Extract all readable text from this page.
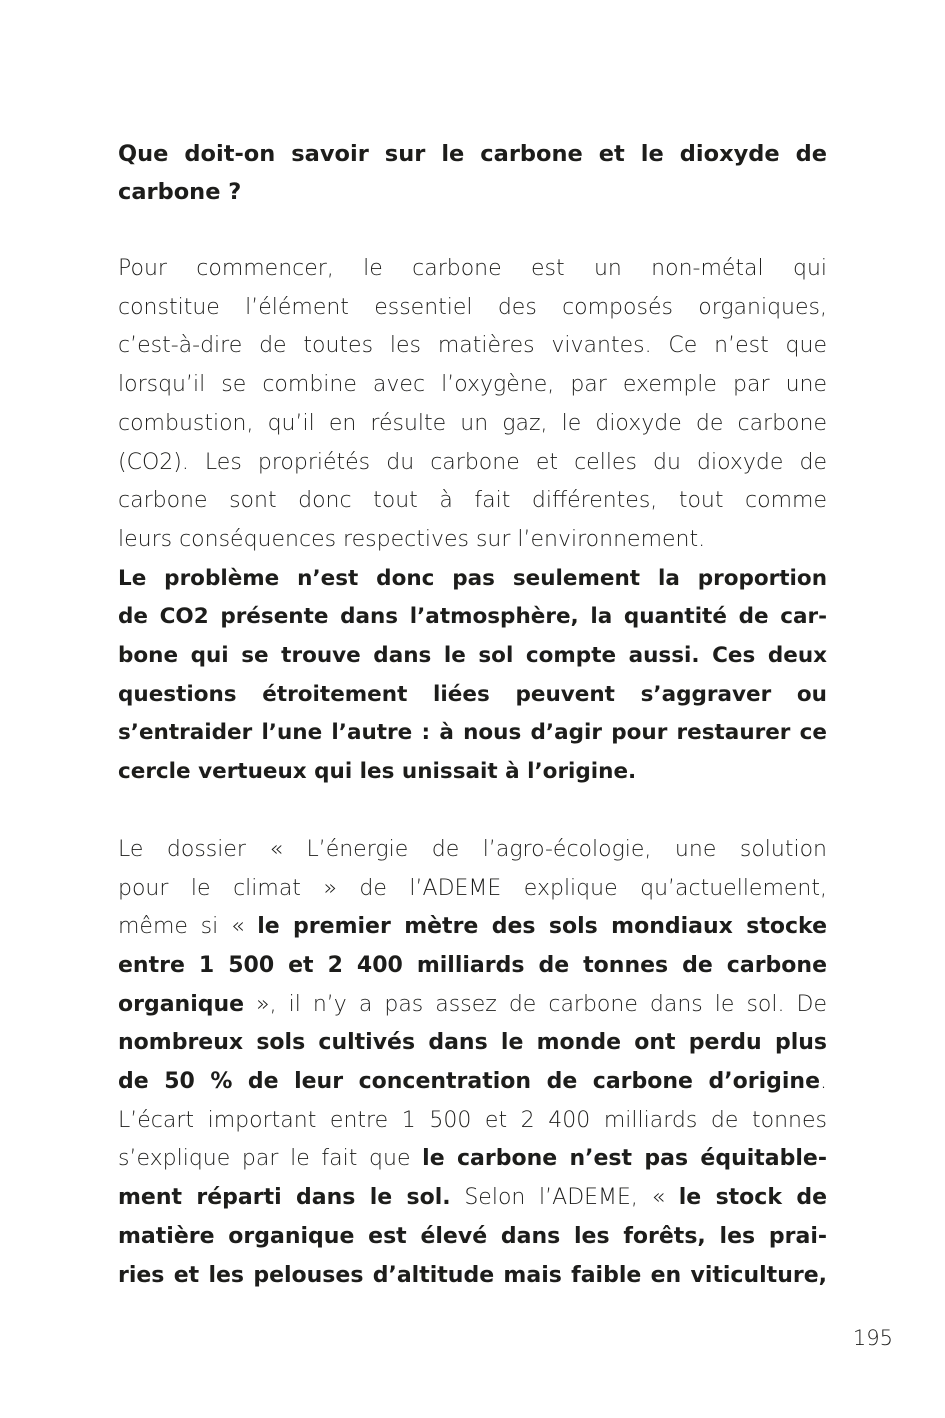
Que doit-on savoir sur le carbone et le dioxyde de
carbone ?
Pour commencer, le carbone est un non-métal qui
constitue l’élément essentiel des composés organiques,
c’est-à-dire de toutes les matières vivantes. Ce n’est que
lorsqu’il se combine avec l’oxygène, par exemple par une
combustion, qu’il en résulte un gaz, le dioxyde de carbone
(CO2). Les propriétés du carbone et celles du dioxyde de
carbone sont donc tout à fait différentes, tout comme
leurs conséquences respectives sur l’environnement.
Le problème n’est donc pas seulement la proportion
de CO2 présente dans l’atmosphère, la quantité de car-
bone qui se trouve dans le sol compte aussi. Ces deux
questions étroitement liées peuvent s’aggraver ou
s’entraider l’une l’autre : à nous d’agir pour restaurer ce
cercle vertueux qui les unissait à l’origine.
Le dossier « L’énergie de l’agro-écologie, une solution
pour le climat » de l’ADEME explique qu’actuellement,
même si « le premier mètre des sols mondiaux stocke
entre 1 500 et 2 400 milliards de tonnes de carbone
organique », il n’y a pas assez de carbone dans le sol. De
nombreux sols cultivés dans le monde ont perdu plus
de 50 % de leur concentration de carbone d’origine.
L’écart important entre 1 500 et 2 400 milliards de tonnes
s’explique par le fait que le carbone n’est pas équitable-
ment réparti dans le sol. Selon l’ADEME, « le stock de
matière organique est élevé dans les forêts, les prai-
ries et les pelouses d’altitude mais faible en viticulture,
195
